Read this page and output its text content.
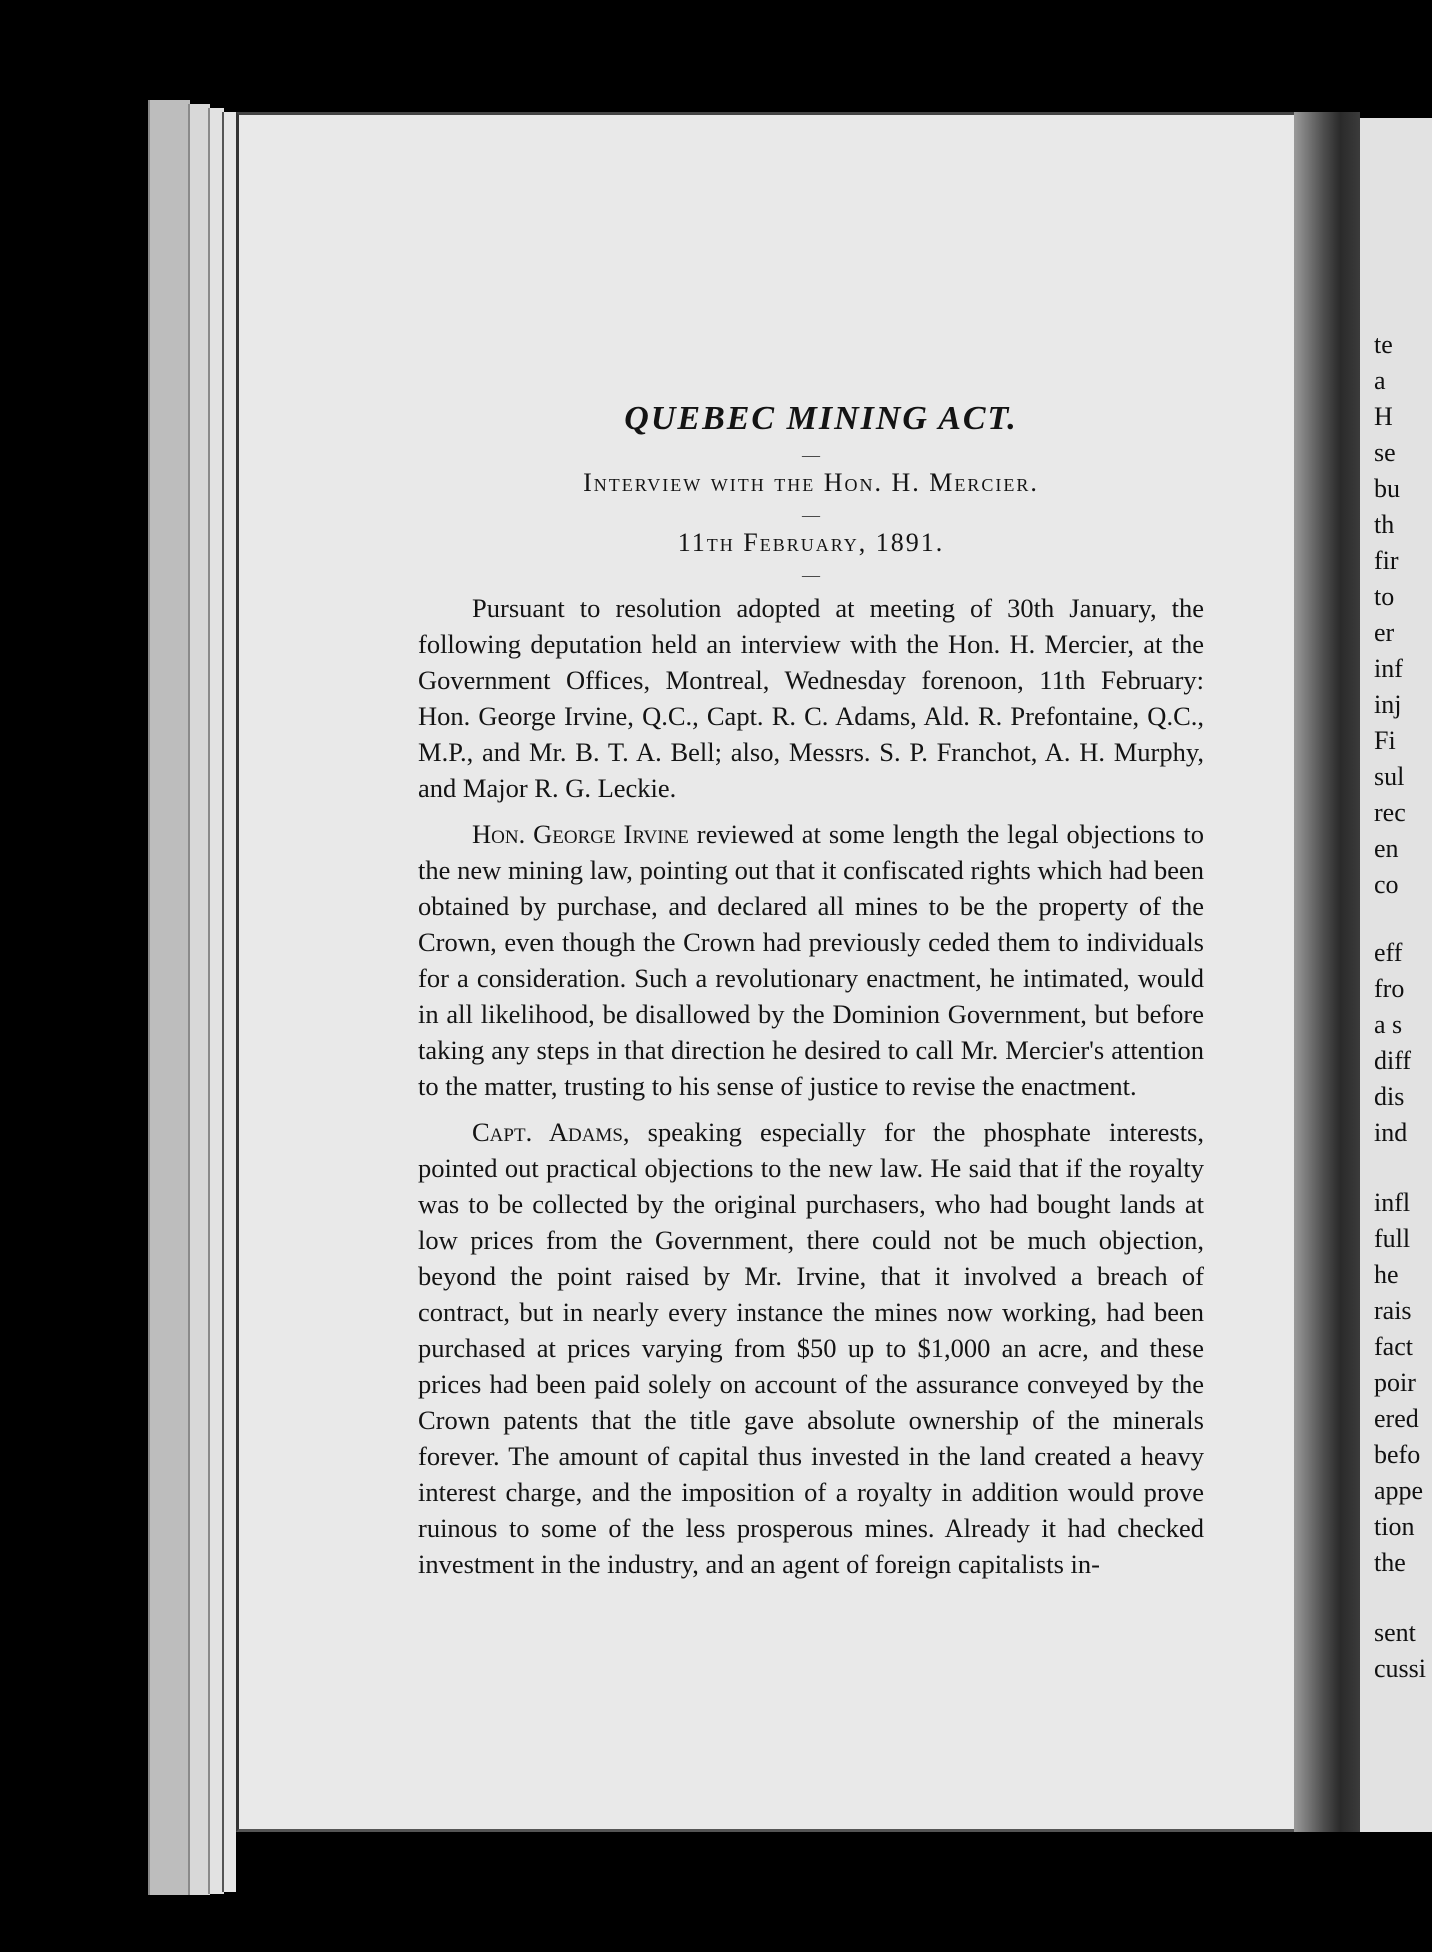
te
a
H
se
bu
th
fir
to
er
inf
inj
Fi
sul
rec
en
co
eff
fro
a s
diff
dis
ind
infl
full
he
rais
fact
poir
ered
befo
appe
tion
the
sent
cussi
QUEBEC MINING ACT.
—

Interview with the Hon. H. Mercier.

—

11th February, 1891.

—

Pursuant to resolution adopted at meeting of 30th January, the following deputation held an interview with the Hon. H. Mercier, at the Government Offices, Montreal, Wednesday forenoon, 11th February: Hon. George Irvine, Q.C., Capt. R. C. Adams, Ald. R. Prefontaine, Q.C., M.P., and Mr. B. T. A. Bell; also, Messrs. S. P. Franchot, A. H. Murphy, and Major R. G. Leckie.

Hon. George Irvine reviewed at some length the legal objections to the new mining law, pointing out that it confiscated rights which had been obtained by purchase, and declared all mines to be the property of the Crown, even though the Crown had previously ceded them to individuals for a consideration. Such a revolutionary enactment, he intimated, would in all likelihood, be disallowed by the Dominion Government, but before taking any steps in that direction he desired to call Mr. Mercier's attention to the matter, trusting to his sense of justice to revise the enactment.

Capt. Adams, speaking especially for the phosphate interests, pointed out practical objections to the new law. He said that if the royalty was to be collected by the original purchasers, who had bought lands at low prices from the Government, there could not be much objection, beyond the point raised by Mr. Irvine, that it involved a breach of contract, but in nearly every instance the mines now working, had been purchased at prices varying from $50 up to $1,000 an acre, and these prices had been paid solely on account of the assurance conveyed by the Crown patents that the title gave absolute ownership of the minerals forever. The amount of capital thus invested in the land created a heavy interest charge, and the imposition of a royalty in addition would prove ruinous to some of the less prosperous mines. Already it had checked investment in the industry, and an agent of foreign capitalists in-
